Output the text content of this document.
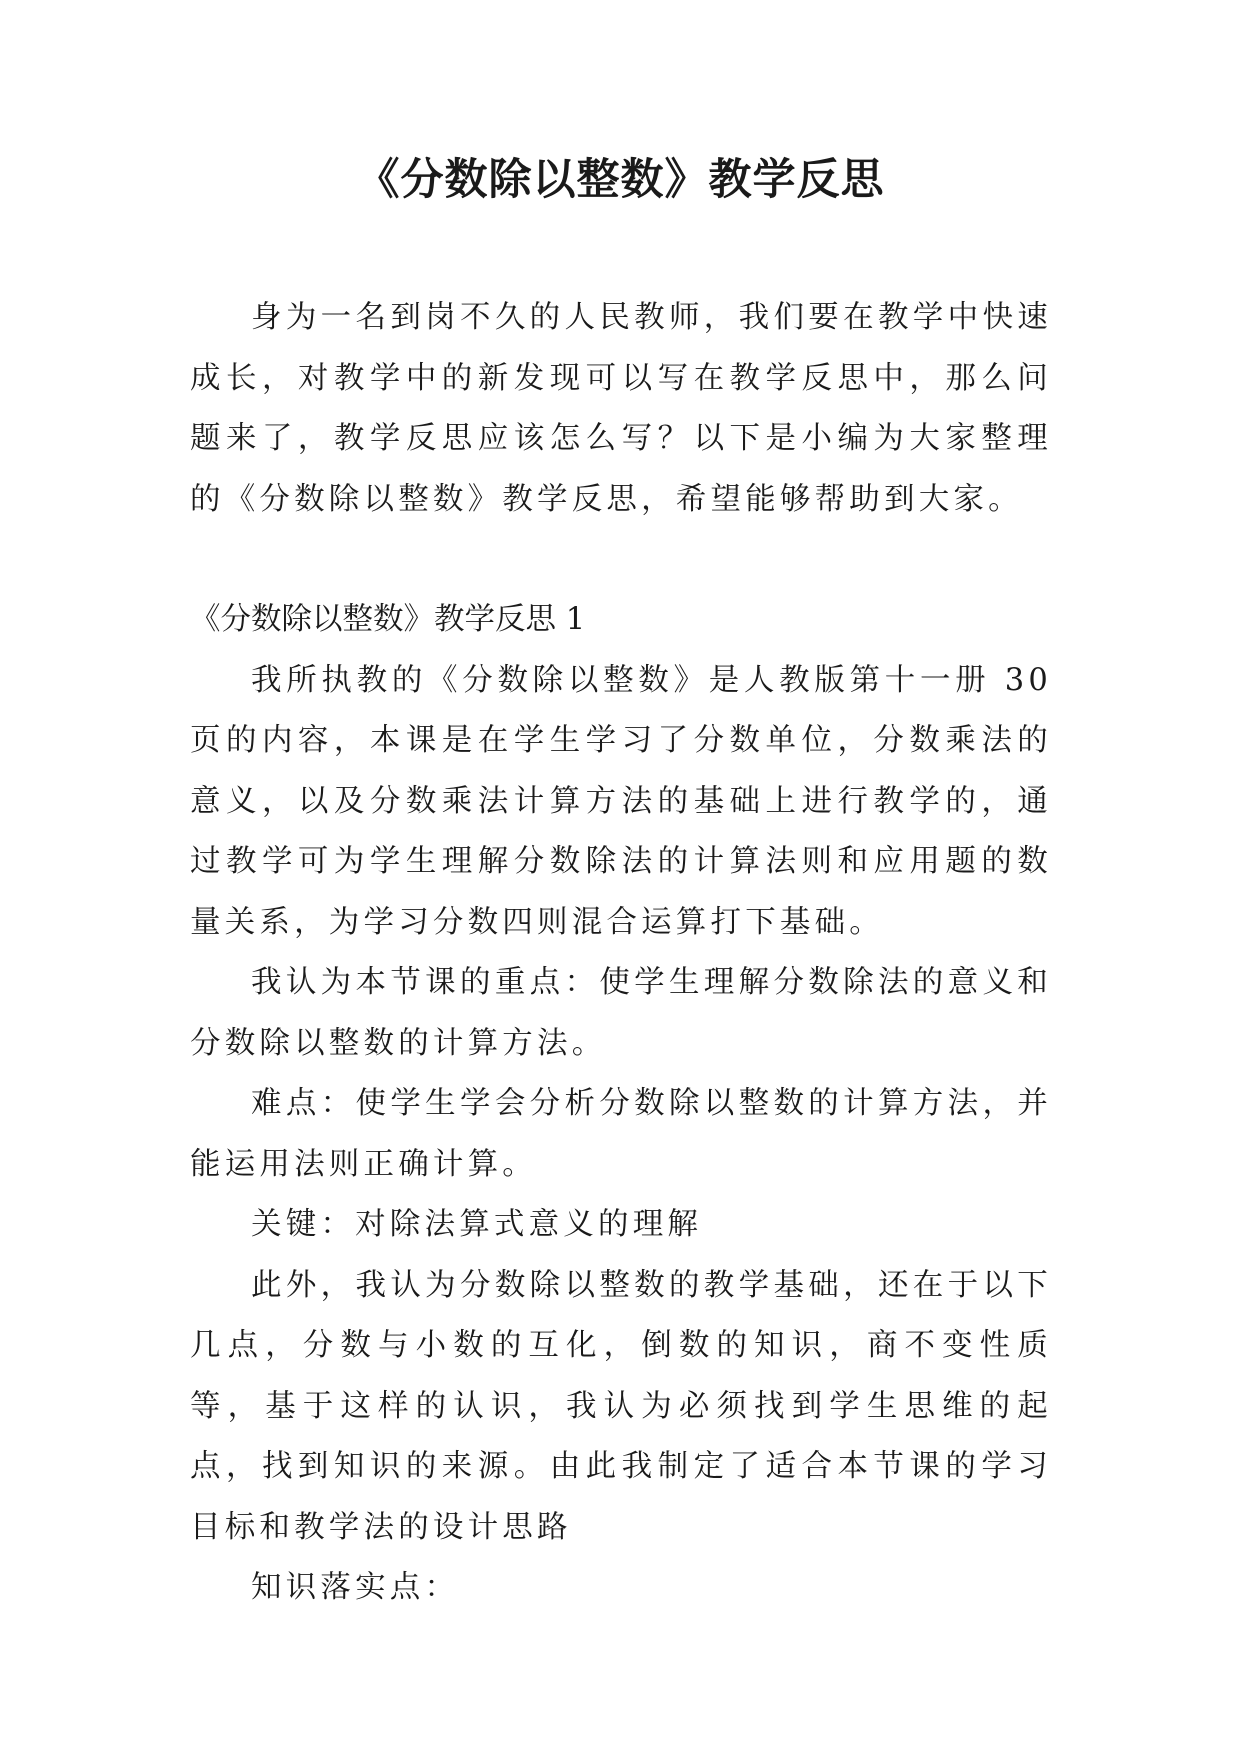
《分数除以整数》教学反思

身为一名到岗不久的人民教师，我们要在教学中快速成长，对教学中的新发现可以写在教学反思中，那么问题来了，教学反思应该怎么写？以下是小编为大家整理的《分数除以整数》教学反思，希望能够帮助到大家。

《分数除以整数》教学反思 1

我所执教的《分数除以整数》是人教版第十一册 30 页的内容，本课是在学生学习了分数单位，分数乘法的意义，以及分数乘法计算方法的基础上进行教学的，通过教学可为学生理解分数除法的计算法则和应用题的数量关系，为学习分数四则混合运算打下基础。

我认为本节课的重点：使学生理解分数除法的意义和分数除以整数的计算方法。

难点：使学生学会分析分数除以整数的计算方法，并能运用法则正确计算。

关键：对除法算式意义的理解

此外，我认为分数除以整数的教学基础，还在于以下几点，分数与小数的互化，倒数的知识，商不变性质等，基于这样的认识，我认为必须找到学生思维的起点，找到知识的来源。由此我制定了适合本节课的学习目标和教学法的设计思路

知识落实点：
